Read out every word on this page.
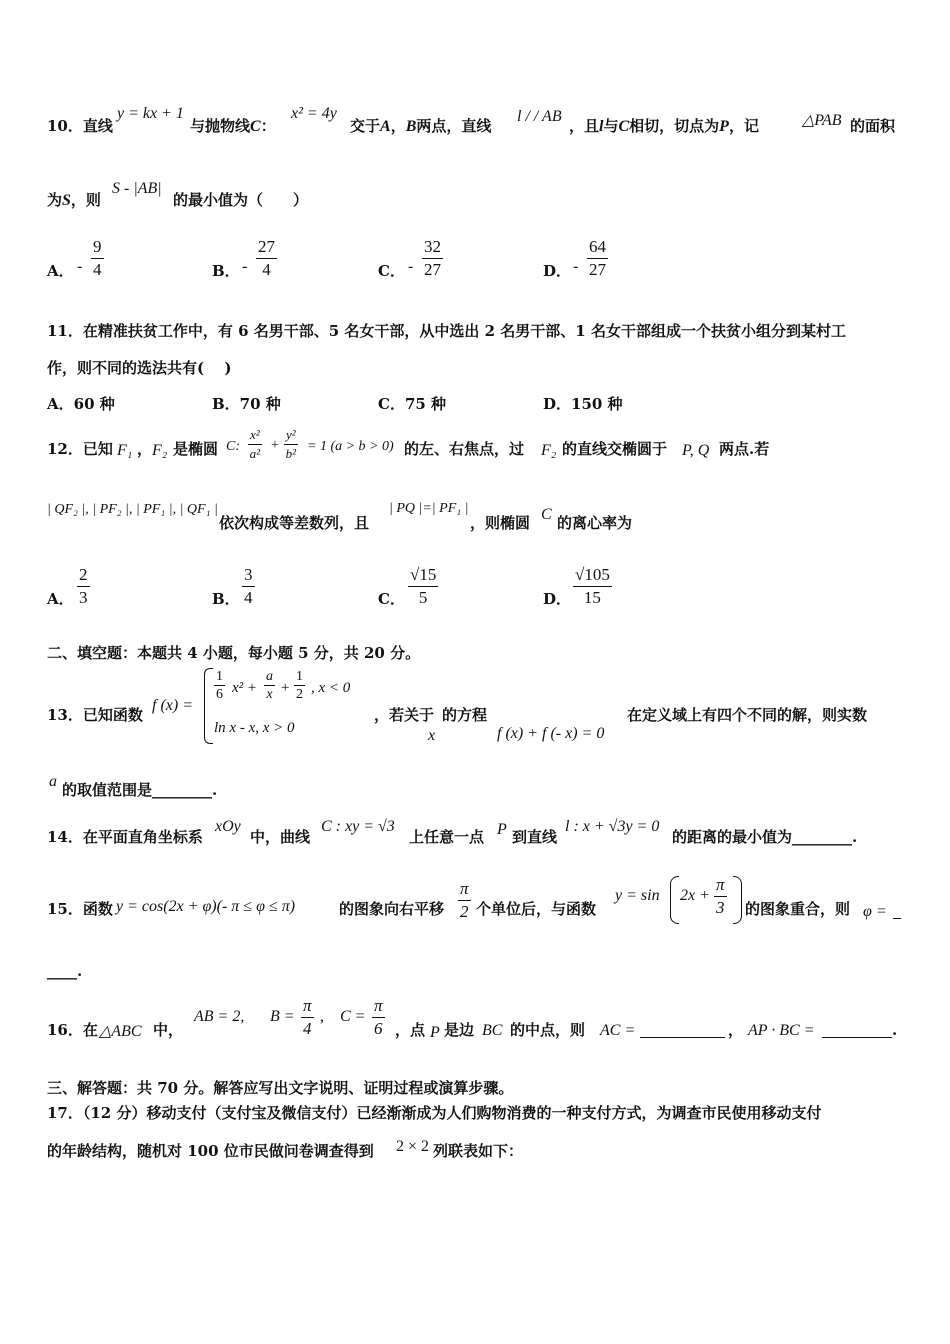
10．直线
y = kx + 1
与抛物线C：
x² = 4y
交于A，B两点，直线
l / / AB
，且l与C相切，切点为P，记	△PAB 的面积
为S，则
S - |AB|
的最小值为（　　）
A． - $\frac{9}{4}$	B． - $\frac{27}{4}$	C． - $\frac{32}{27}$	D． - $\frac{64}{27}$
11．在精准扶贫工作中，有 6 名男干部、5 名女干部，从中选出 2 名男干部、1 名女干部组成一个扶贫小组分到某村工
作，则不同的选法共有(　 )
A．60 种	B．70 种	C．75 种	D．150 种
12．已知 F₁ ， F₂ 是椭圆 C: $\frac{\text{x²}}{\text{a²}} + \frac{\text{y²}}{\text{b²}} = 1$ (a > b > 0) 的左、右焦点，过 F₂ 的直线交椭圆于 P, Q 两点.若
| QF₂ |, | PF₂ |, | PF₁ |, | QF₁ |
依次构成等差数列，且
| PQ |=| PF₁ |
，则椭圆 C 的离心率为
A． $\frac{2}{3}$	B． $\frac{3}{4}$	C． $\frac{√15}{5}$	D． $\frac{√105}{15}$
二、填空题：本题共 4 小题，每小题 5 分，共 20 分。
13．已知函数
f (x) =
$\frac{1}{6} x^2 + \frac{a}{x} + \frac{1}{2}$ , x < 0
ln x - x, x > 0
，若关于
x
的方程
f (x) + f (- x) = 0
在定义域上有四个不同的解，则实数
a 的取值范围是________.
14．在平面直角坐标系
xOy
中，曲线
C : xy = √3
上任意一点 P 到直线
l : x + √3y = 0
的距离的最小值为________.
15．函数 y = cos(2x + φ)(- π ≤ φ ≤ π)	的图象向右平移 $\frac{\pi}{2}$ 个单位后，与函数
$y = \sin 2x + \frac{\pi}{3}$ 的图象重合，则 φ =
____.
16．在 △ABC 中，
AB = 2, $B = \frac{\pi}{4}$ , $C = \frac{\pi}{6}$ ，点 P 是边 BC 的中点，则 AC =	， AP · BC =	.
三、解答题：共 70 分。解答应写出文字说明、证明过程或演算步骤。
17．（12 分）移动支付（支付宝及微信支付）已经渐渐成为人们购物消费的一种支付方式，为调查市民使用移动支付
的年龄结构，随机对 100 位市民做问卷调查得到 2 × 2 列联表如下：
